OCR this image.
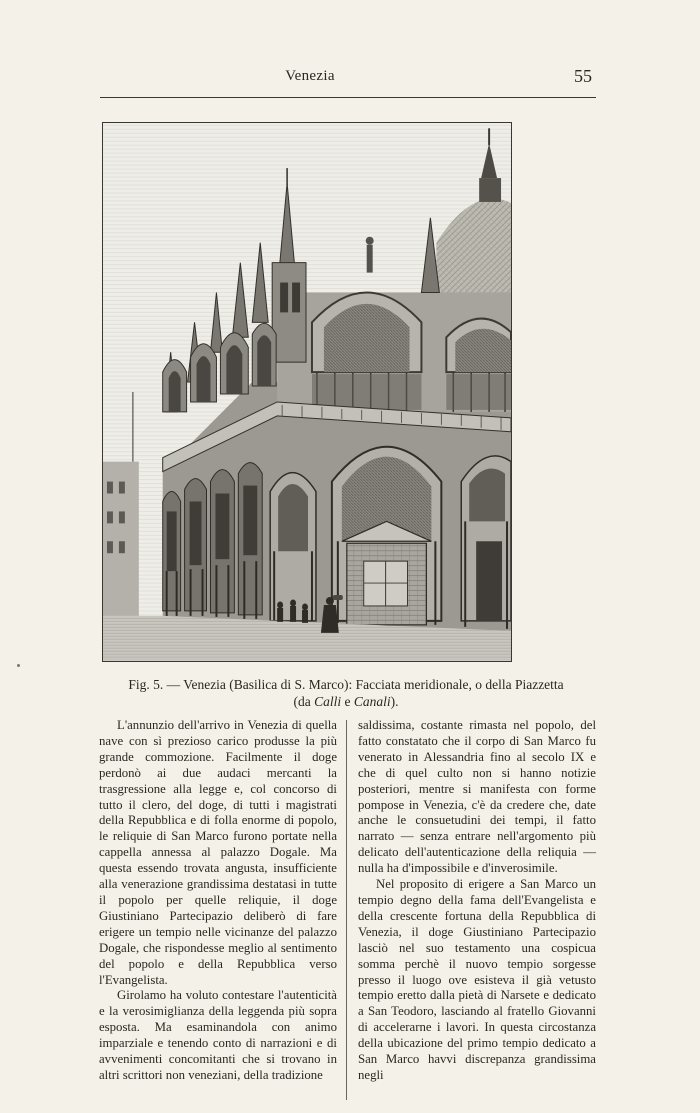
Venezia	55
Fig. 5. — Venezia (Basilica di S. Marco): Facciata meridionale, o della Piazzetta
(da Calli e Canali).

L'annunzio dell'arrivo in Venezia di quella nave con sì prezioso carico produsse la più grande commozione. Facilmente il doge perdonò ai due audaci mercanti la trasgressione alla legge e, col concorso di tutto il clero, del doge, di tutti i magistrati della Repubblica e di folla enorme di popolo, le reliquie di San Marco furono portate nella cappella annessa al palazzo Dogale. Ma questa essendo trovata angusta, insufficiente alla venerazione grandissima destatasi in tutte il popolo per quelle reliquie, il doge Giustiniano Partecipazio deliberò di fare erigere un tempio nelle vicinanze del palazzo Dogale, che rispondesse meglio al sentimento del popolo e della Repubblica verso l'Evangelista.

Girolamo ha voluto contestare l'autenticità e la verosimiglianza della leggenda più sopra esposta. Ma esaminandola con animo imparziale e tenendo conto di narrazioni e di avvenimenti concomitanti che si trovano in altri scrittori non veneziani, della tradizione

saldissima, costante rimasta nel popolo, del fatto constatato che il corpo di San Marco fu venerato in Alessandria fino al secolo IX e che di quel culto non si hanno notizie posteriori, mentre si manifesta con forme pompose in Venezia, c'è da credere che, date anche le consuetudini dei tempi, il fatto narrato — senza entrare nell'argomento più delicato dell'autenticazione della reliquia — nulla ha d'impossibile e d'inverosimile.

Nel proposito di erigere a San Marco un tempio degno della fama dell'Evangelista e della crescente fortuna della Repubblica di Venezia, il doge Giustiniano Partecipazio lasciò nel suo testamento una cospicua somma perchè il nuovo tempio sorgesse presso il luogo ove esisteva il già vetusto tempio eretto dalla pietà di Narsete e dedicato a San Teodoro, lasciando al fratello Giovanni di accelerarne i lavori. In questa circostanza della ubicazione del primo tempio dedicato a San Marco havvi discrepanza grandissima negli
